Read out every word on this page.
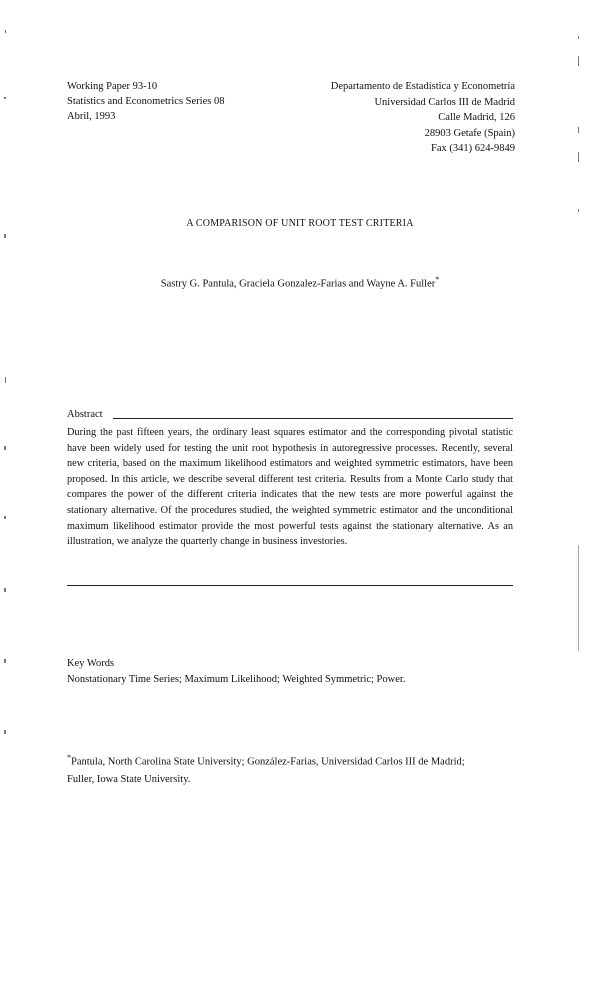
Working Paper 93-10
Statistics and Econometrics Series 08
Abril, 1993
Departamento de Estadística y Econometría
Universidad Carlos III de Madrid
Calle Madrid, 126
28903 Getafe (Spain)
Fax (341) 624-9849
A COMPARISON OF UNIT ROOT TEST CRITERIA
Sastry G. Pantula, Graciela Gonzalez-Farias and Wayne A. Fuller*
Abstract
During the past fifteen years, the ordinary least squares estimator and the corresponding pivotal statistic have been widely used for testing the unit root hypothesis in autoregressive processes. Recently, several new criteria, based on the maximum likelihood estimators and weighted symmetric estimators, have been proposed. In this article, we describe several different test criteria. Results from a Monte Carlo study that compares the power of the different criteria indicates that the new tests are more powerful against the stationary alternative. Of the procedures studied, the weighted symmetric estimator and the unconditional maximum likelihood estimator provide the most powerful tests against the stationary alternative. As an illustration, we analyze the quarterly change in business investories.
Key Words
Nonstationary Time Series; Maximum Likelihood; Weighted Symmetric; Power.
*Pantula, North Carolina State University; González-Farias, Universidad Carlos III de Madrid;
Fuller, Iowa State University.
